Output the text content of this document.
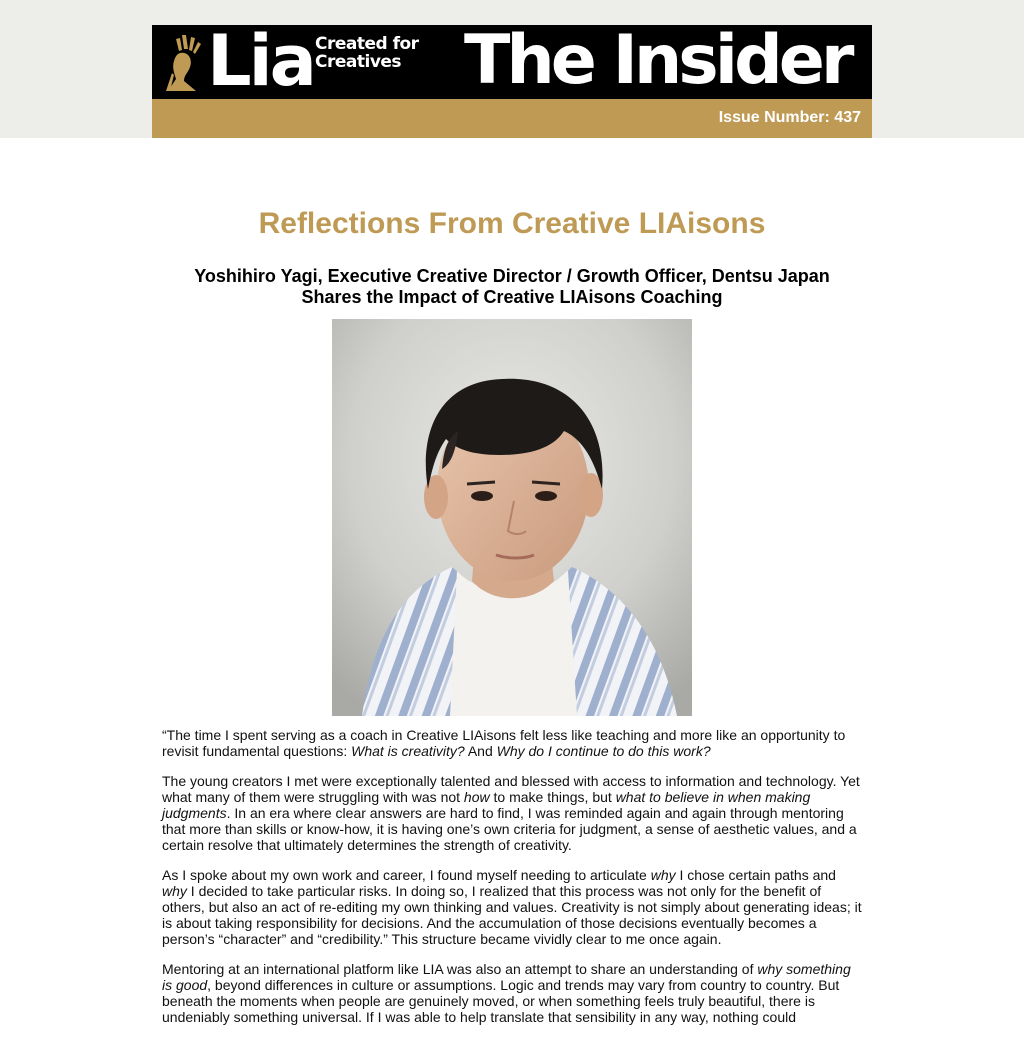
Lia Created for
Creatives The Insider
Issue Number: 437
Reflections From Creative LIAisons
Yoshihiro Yagi, Executive Creative Director / Growth Officer, Dentsu Japan
Shares the Impact of Creative LIAisons Coaching

“The time I spent serving as a coach in Creative LIAisons felt less like teaching and more like an opportunity to revisit fundamental questions: What is creativity? And Why do I continue to do this work?

The young creators I met were exceptionally talented and blessed with access to information and technology. Yet what many of them were struggling with was not how to make things, but what to believe in when making judgments. In an era where clear answers are hard to find, I was reminded again and again through mentoring that more than skills or know-how, it is having one’s own criteria for judgment, a sense of aesthetic values, and a certain resolve that ultimately determines the strength of creativity.

As I spoke about my own work and career, I found myself needing to articulate why I chose certain paths and why I decided to take particular risks. In doing so, I realized that this process was not only for the benefit of others, but also an act of re-editing my own thinking and values. Creativity is not simply about generating ideas; it is about taking responsibility for decisions. And the accumulation of those decisions eventually becomes a person’s “character” and “credibility.” This structure became vividly clear to me once again.

Mentoring at an international platform like LIA was also an attempt to share an understanding of why something is good, beyond differences in culture or assumptions. Logic and trends may vary from country to country. But beneath the moments when people are genuinely moved, or when something feels truly beautiful, there is undeniably something universal. If I was able to help translate that sensibility in any way, nothing could
